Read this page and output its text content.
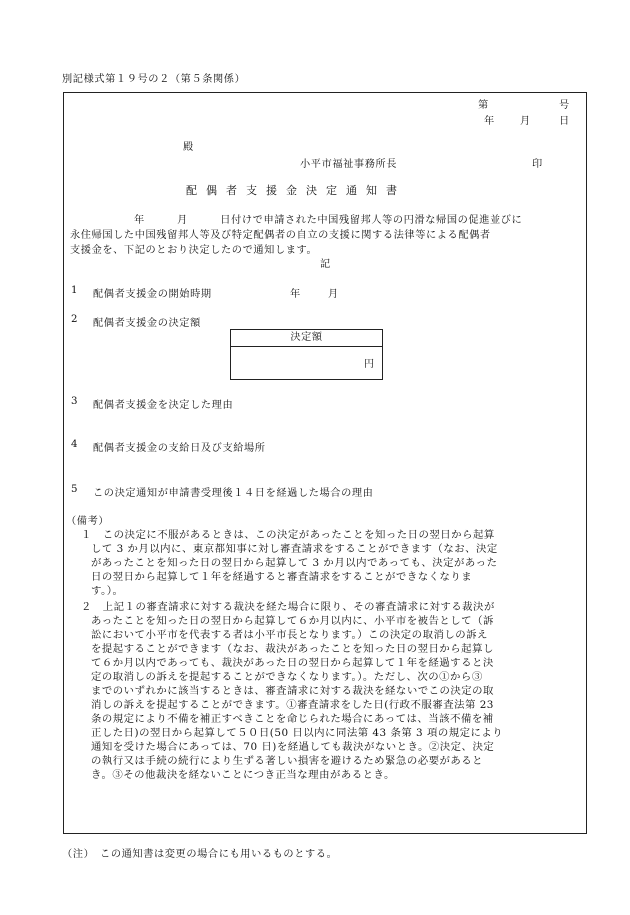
別記様式第１９号の２（第５条関係）
第	号
年 月	日
殿
小平市福祉事務所長	印
配偶者支援金決定通知書
年　　　月　　　日付けで申請された中国残留邦人等の円滑な帰国の促進並びに
永住帰国した中国残留邦人等及び特定配偶者の自立の支援に関する法律等による配偶者
支援金を、下記のとおり決定したので通知します。
記
1 配偶者支援金の開始時期	年	月
2 配偶者支援金の決定額
決定額
円
3 配偶者支援金を決定した理由
4 配偶者支援金の支給日及び支給場所
5 この決定通知が申請書受理後１４日を経過した場合の理由
（備考）
１　この決定に不服があるときは、この決定があったことを知った日の翌日から起算
して 3 か月以内に、東京都知事に対し審査請求をすることができます（なお、決定
があったことを知った日の翌日から起算して 3 か月以内であっても、決定があった
日の翌日から起算して１年を経過すると審査請求をすることができなくなりま
す。）。
２　上記１の審査請求に対する裁決を経た場合に限り、その審査請求に対する裁決が
あったことを知った日の翌日から起算して６か月以内に、小平市を被告として（訴
訟において小平市を代表する者は小平市長となります。）この決定の取消しの訴え
を提起することができます（なお、裁決があったことを知った日の翌日から起算し
て６か月以内であっても、裁決があった日の翌日から起算して１年を経過すると決
定の取消しの訴えを提起することができなくなります。）。ただし、次の①から③
までのいずれかに該当するときは、審査請求に対する裁決を経ないでこの決定の取
消しの訴えを提起することができます。①審査請求をした日(行政不服審査法第 23
条の規定により不備を補正すべきことを命じられた場合にあっては、当該不備を補
正した日)の翌日から起算して５０日(50 日以内に同法第 43 条第 3 項の規定により
通知を受けた場合にあっては、70 日)を経過しても裁決がないとき。②決定、決定
の執行又は手続の続行により生ずる著しい損害を避けるため緊急の必要があると
き。③その他裁決を経ないことにつき正当な理由があるとき。
（注）　この通知書は変更の場合にも用いるものとする。
